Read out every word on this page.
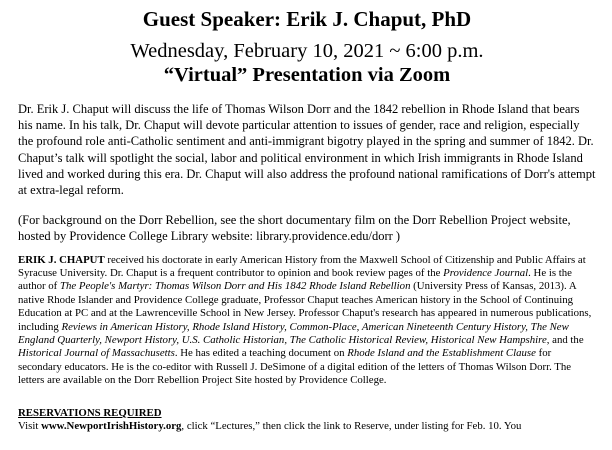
Guest Speaker: Erik J. Chaput, PhD
Wednesday, February 10, 2021 ~ 6:00 p.m.
“Virtual” Presentation via Zoom

Dr. Erik J. Chaput will discuss the life of Thomas Wilson Dorr and the 1842 rebellion in Rhode Island that bears his name. In his talk, Dr. Chaput will devote particular attention to issues of gender, race and religion, especially the profound role anti-Catholic sentiment and anti-immigrant bigotry played in the spring and summer of 1842. Dr. Chaput’s talk will spotlight the social, labor and political environment in which Irish immigrants in Rhode Island lived and worked during this era. Dr. Chaput will also address the profound national ramifications of Dorr's attempt at extra-legal reform.

(For background on the Dorr Rebellion, see the short documentary film on the Dorr Rebellion Project website, hosted by Providence College Library website: library.providence.edu/dorr )

ERIK J. CHAPUT received his doctorate in early American History from the Maxwell School of Citizenship and Public Affairs at Syracuse University. Dr. Chaput is a frequent contributor to opinion and book review pages of the Providence Journal. He is the author of The People's Martyr: Thomas Wilson Dorr and His 1842 Rhode Island Rebellion (University Press of Kansas, 2013). A native Rhode Islander and Providence College graduate, Professor Chaput teaches American history in the School of Continuing Education at PC and at the Lawrenceville School in New Jersey. Professor Chaput's research has appeared in numerous publications, including Reviews in American History, Rhode Island History, Common-Place, American Nineteenth Century History, The New England Quarterly, Newport History, U.S. Catholic Historian, The Catholic Historical Review, Historical New Hampshire, and the Historical Journal of Massachusetts. He has edited a teaching document on Rhode Island and the Establishment Clause for secondary educators. He is the co-editor with Russell J. DeSimone of a digital edition of the letters of Thomas Wilson Dorr. The letters are available on the Dorr Rebellion Project Site hosted by Providence College.

RESERVATIONS REQUIRED
Visit www.NewportIrishHistory.org, click “Lectures,” then click the link to Reserve, under listing for Feb. 10. You
